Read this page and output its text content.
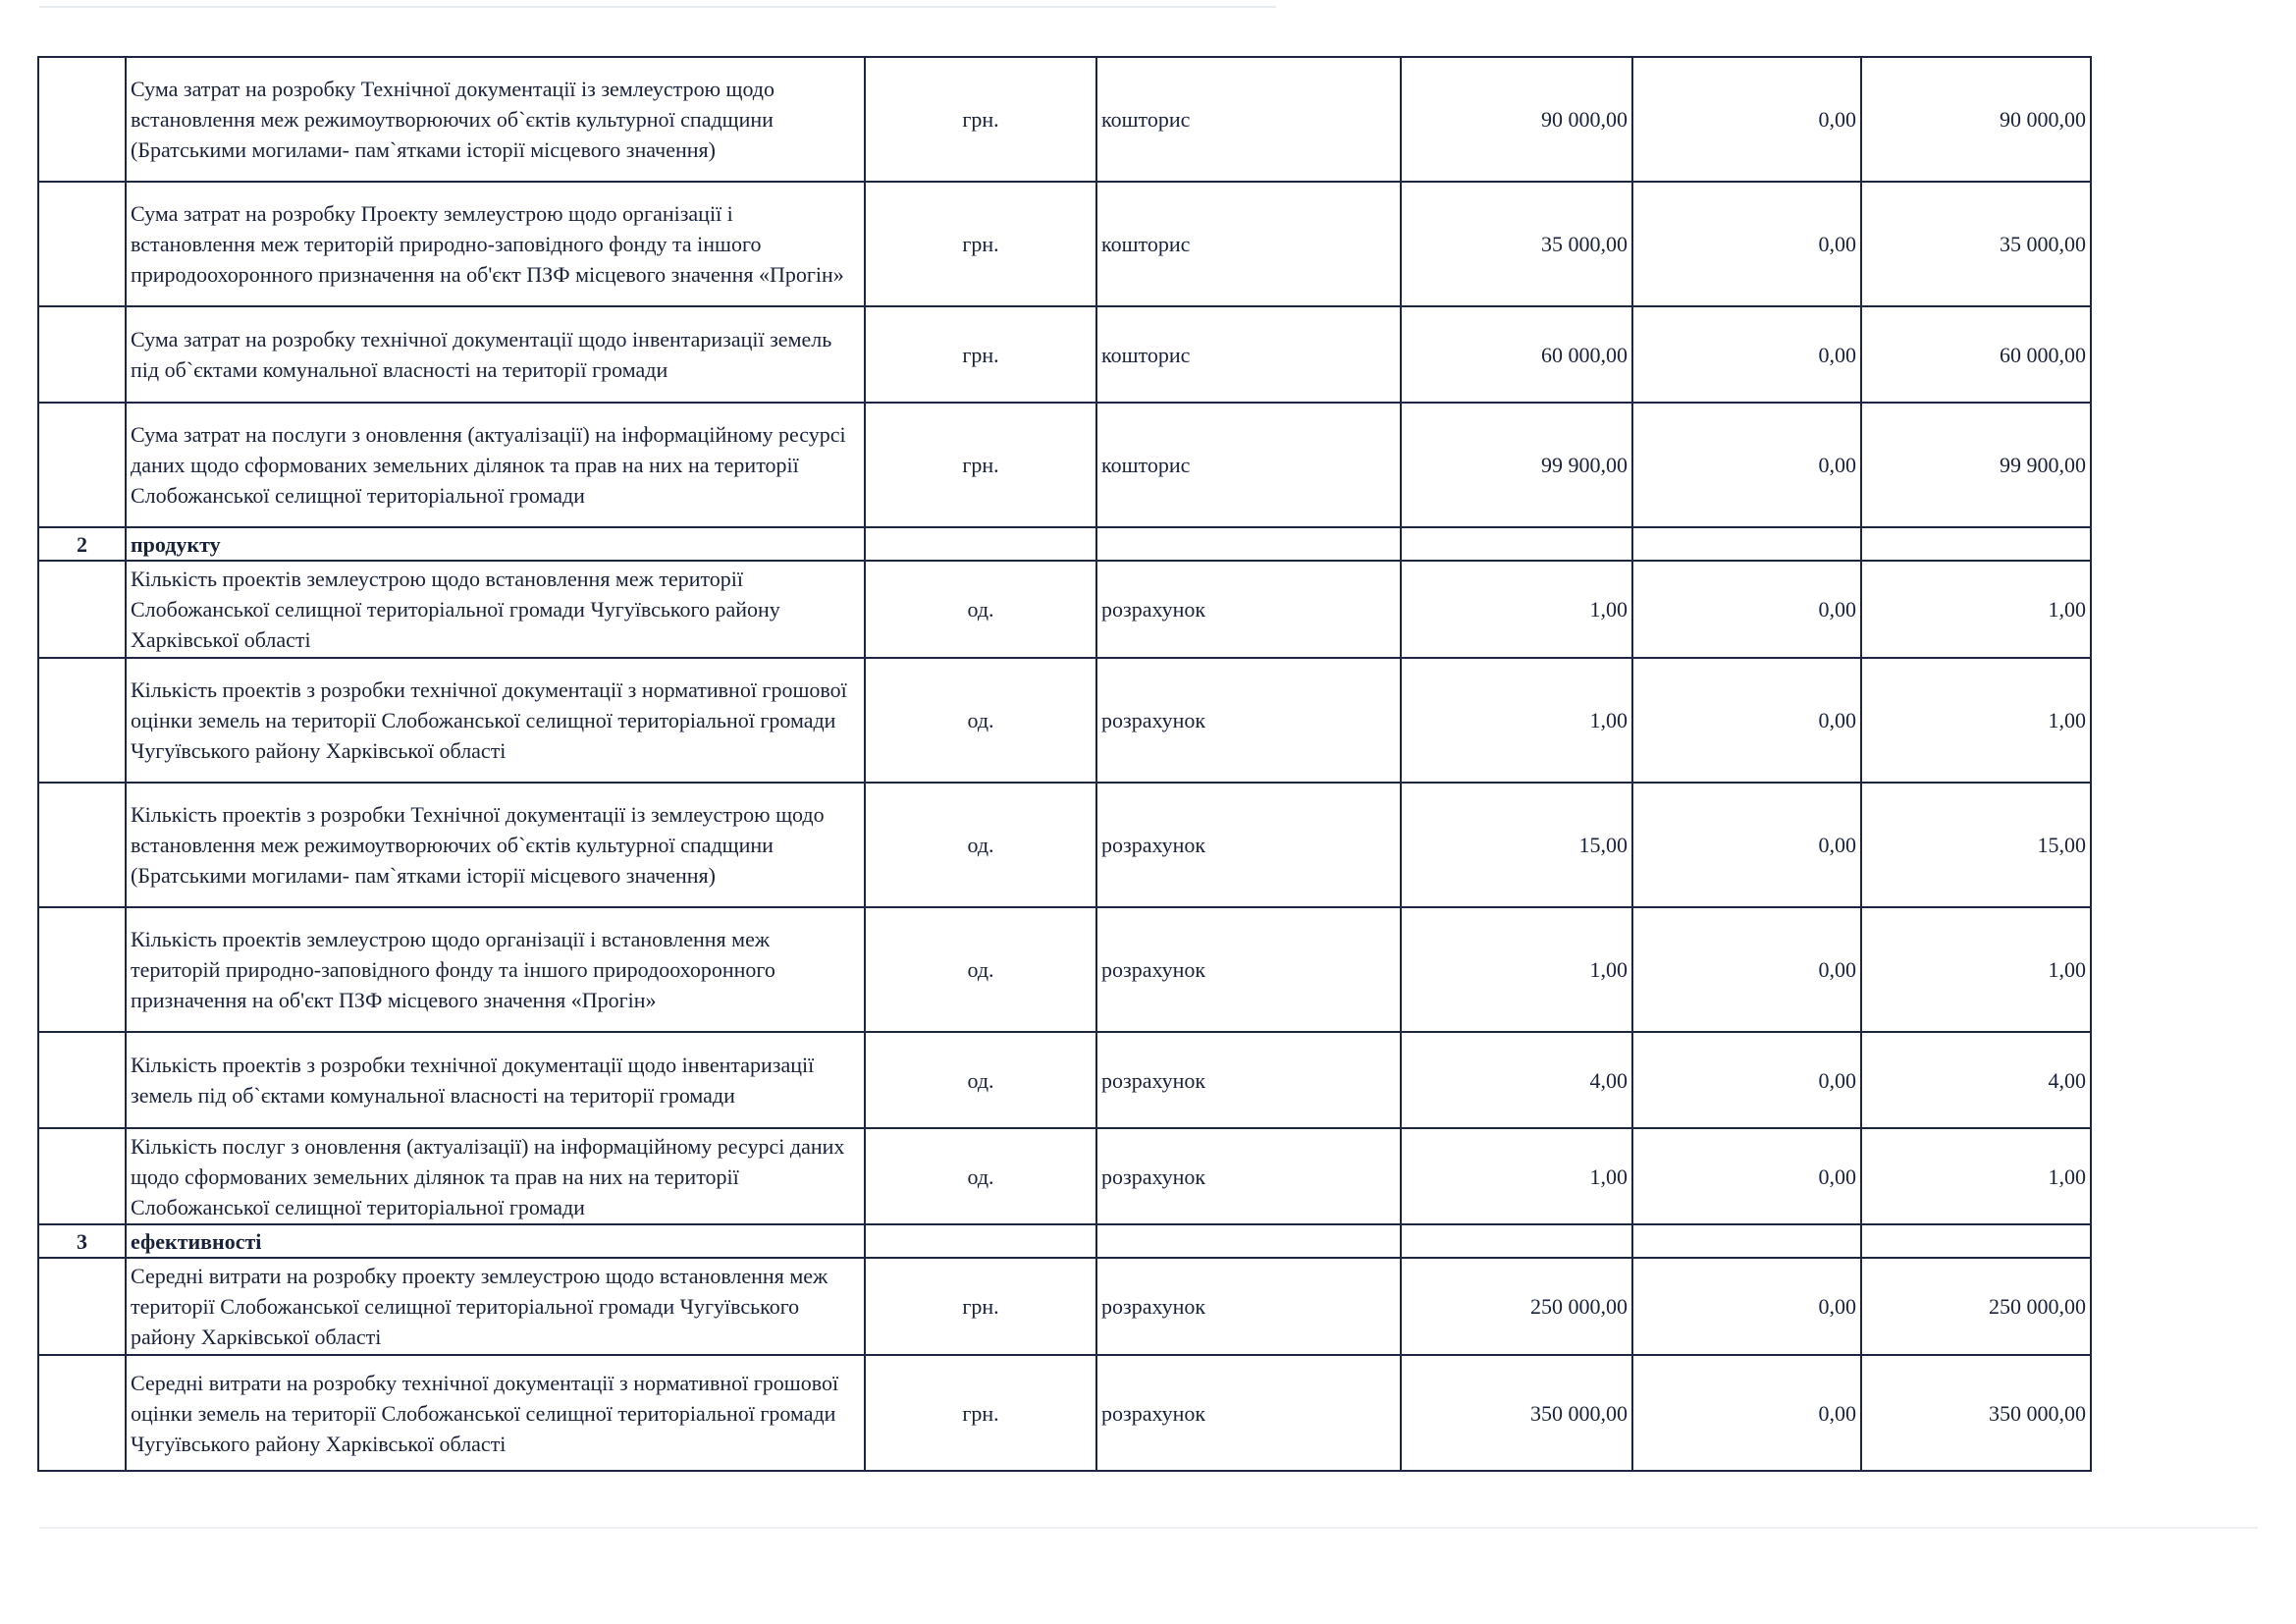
	Сума затрат на розробку Технічної документації із землеустрою щодо встановлення меж режимоутворюючих об`єктів культурної спадщини (Братськими могилами- пам`ятками історії місцевого значення)	грн.	кошторис	90 000,00	0,00	90 000,00
	Сума затрат на розробку Проекту землеустрою щодо організації і встановлення меж територій природно-заповідного фонду та іншого природоохоронного призначення на об'єкт ПЗФ місцевого значення «Прогін»	грн.	кошторис	35 000,00	0,00	35 000,00
	Сума затрат на розробку технічної документації щодо інвентаризації земель під об`єктами комунальної власності на території громади	грн.	кошторис	60 000,00	0,00	60 000,00
	Сума затрат на послуги з оновлення (актуалізації) на інформаційному ресурсі даних щодо сформованих земельних ділянок та прав на них на території Слобожанської селищної територіальної громади	грн.	кошторис	99 900,00	0,00	99 900,00
2	продукту					
	Кількість проектів землеустрою щодо встановлення меж території Слобожанської селищної територіальної громади Чугуївського району Харківської області	од.	розрахунок	1,00	0,00	1,00
	Кількість проектів з розробки технічної документації з нормативної грошової оцінки земель на території Слобожанської селищної територіальної громади Чугуївського району Харківської області	од.	розрахунок	1,00	0,00	1,00
	Кількість проектів з розробки Технічної документації із землеустрою щодо встановлення меж режимоутворюючих об`єктів культурної спадщини (Братськими могилами- пам`ятками історії місцевого значення)	од.	розрахунок	15,00	0,00	15,00
	Кількість проектів землеустрою щодо організації і встановлення меж територій природно-заповідного фонду та іншого природоохоронного призначення на об'єкт ПЗФ місцевого значення «Прогін»	од.	розрахунок	1,00	0,00	1,00
	Кількість проектів з розробки технічної документації щодо інвентаризації земель під об`єктами комунальної власності на території громади	од.	розрахунок	4,00	0,00	4,00
	Кількість послуг з оновлення (актуалізації) на інформаційному ресурсі даних щодо сформованих земельних ділянок та прав на них на території Слобожанської селищної територіальної громади	од.	розрахунок	1,00	0,00	1,00
3	ефективності					
	Середні витрати на розробку проекту землеустрою щодо встановлення меж території Слобожанської селищної територіальної громади Чугуївського району Харківської області	грн.	розрахунок	250 000,00	0,00	250 000,00
	Середні витрати на розробку технічної документації з нормативної грошової оцінки земель на території Слобожанської селищної територіальної громади Чугуївського району Харківської області	грн.	розрахунок	350 000,00	0,00	350 000,00
